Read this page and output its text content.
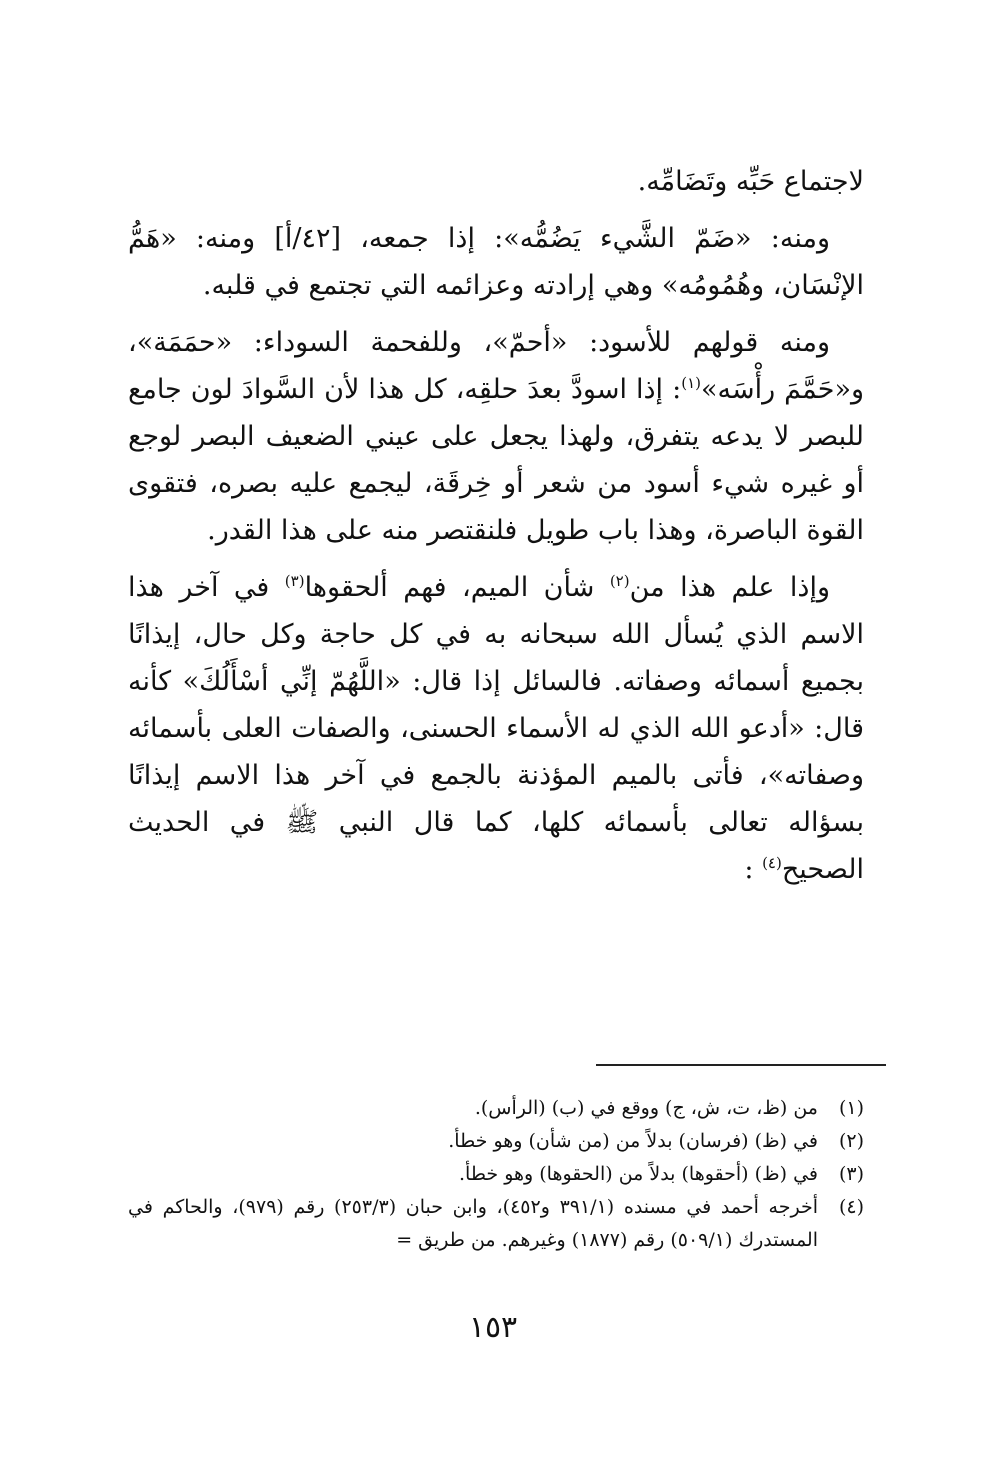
لاجتماع حَبِّه وتَضَامِّه.

ومنه: «ضَمّ الشَّيء يَضُمُّه»: إذا جمعه، [٤٢/أ] ومنه: «هَمُّ الإنْسَان، وهُمُومُه» وهي إرادته وعزائمه التي تجتمع في قلبه.

ومنه قولهم للأسود: «أحمّ»، وللفحمة السوداء: «حمَمَة»، و«حَمَّمَ رأْسَه»$^{(١)}$: إذا اسودَّ بعدَ حلقِه، كل هذا لأن السَّوادَ لون جامع للبصر لا يدعه يتفرق، ولهذا يجعل على عيني الضعيف البصر لوجع أو غيره شيء أسود من شعر أو خِرقَة، ليجمع عليه بصره، فتقوى القوة الباصرة، وهذا باب طويل فلنقتصر منه على هذا القدر.

وإذا علم هذا من$^{(٢)}$ شأن الميم، فهم ألحقوها$^{(٣)}$ في آخر هذا الاسم الذي يُسأل الله سبحانه به في كل حاجة وكل حال، إيذانًا بجميع أسمائه وصفاته. فالسائل إذا قال: «اللَّهُمّ إنِّي أسْأَلُكَ» كأنه قال: «أدعو الله الذي له الأسماء الحسنى، والصفات العلى بأسمائه وصفاته»، فأتى بالميم المؤذنة بالجمع في آخر هذا الاسم إيذانًا بسؤاله تعالى بأسمائه كلها، كما قال النبي ﷺ في الحديث الصحيح$^{(٤)}$ :

(١)
من (ظ، ت، ش، ج) ووقع في (ب) (الرأس).
(٢)
في (ظ) (فرسان) بدلاً من (من شأن) وهو خطأ.
(٣)
في (ظ) (أحقوها) بدلاً من (الحقوها) وهو خطأ.
(٤)
أخرجه أحمد في مسنده (٣٩١/١ و٤٥٢)، وابن حبان (٢٥٣/٣) رقم (٩٧٩)، والحاكم في المستدرك (٥٠٩/١) رقم (١٨٧٧) وغيرهم. من طريق =
١٥٣
